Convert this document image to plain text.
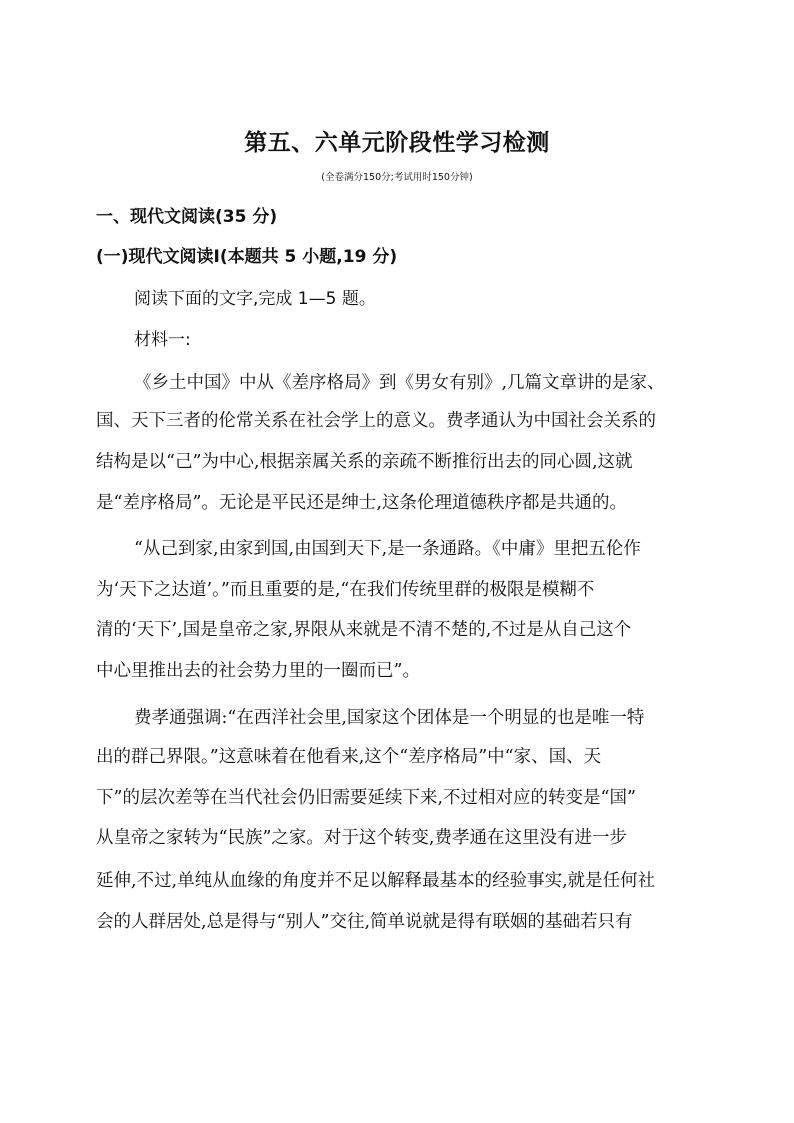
第五、六单元阶段性学习检测
(全卷满分150分;考试用时150分钟)
一、现代文阅读(35 分)
(一)现代文阅读Ⅰ(本题共 5 小题,19 分)
阅读下面的文字,完成 1—5 题。
材料一:
《乡土中国》中从《差序格局》到《男女有别》,几篇文章讲的是家、
国、天下三者的伦常关系在社会学上的意义。费孝通认为中国社会关系的
结构是以“己”为中心,根据亲属关系的亲疏不断推衍出去的同心圆,这就
是“差序格局”。无论是平民还是绅士,这条伦理道德秩序都是共通的。
“从己到家,由家到国,由国到天下,是一条通路。《中庸》里把五伦作
为‘天下之达道’。”而且重要的是,“在我们传统里群的极限是模糊不
清的‘天下’,国是皇帝之家,界限从来就是不清不楚的,不过是从自己这个
中心里推出去的社会势力里的一圈而已”。
费孝通强调:“在西洋社会里,国家这个团体是一个明显的也是唯一特
出的群己界限。”这意味着在他看来,这个“差序格局”中“家、国、天
下”的层次差等在当代社会仍旧需要延续下来,不过相对应的转变是“国”
从皇帝之家转为“民族”之家。对于这个转变,费孝通在这里没有进一步
延伸,不过,单纯从血缘的角度并不足以解释最基本的经验事实,就是任何社
会的人群居处,总是得与“别人”交往,简单说就是得有联姻的基础若只有
